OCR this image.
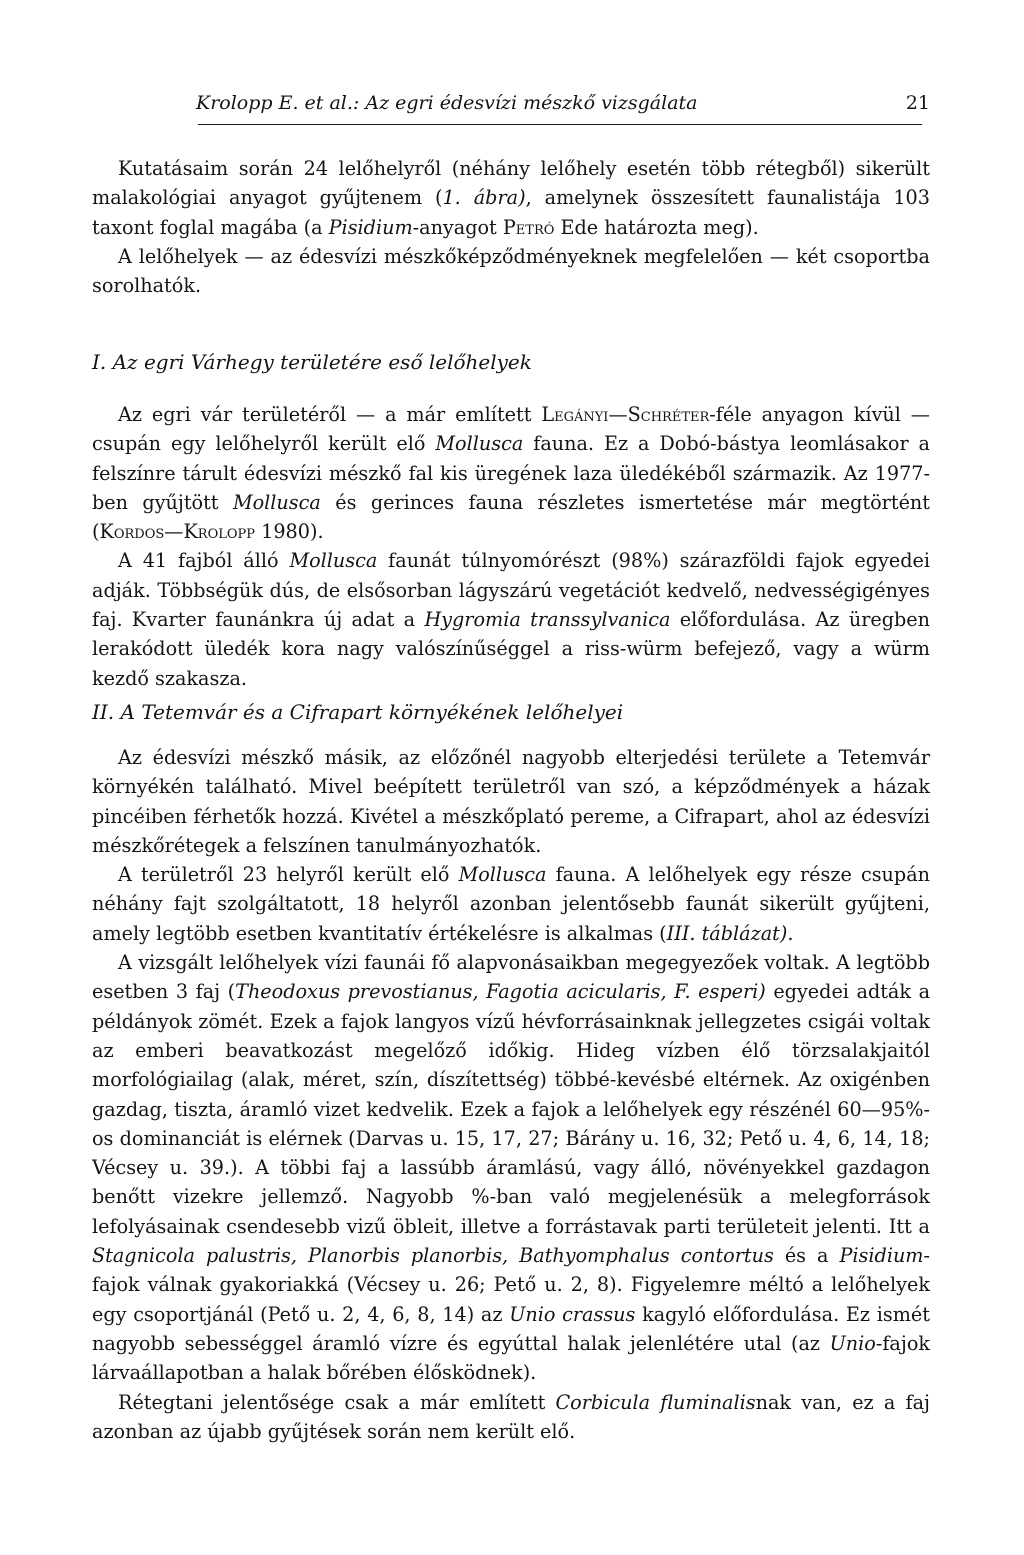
Krolopp E. et al.: Az egri édesvízi mészkő vizsgálata	21

Kutatásaim során 24 lelőhelyről (néhány lelőhely esetén több rétegből) sikerült malakológiai anyagot gyűjtenem (1. ábra), amelynek összesített faunalistája 103 taxont foglal magába (a Pisidium-anyagot Petró Ede határozta meg).

A lelőhelyek — az édesvízi mészkőképződményeknek megfelelően — két csoportba sorolhatók.

I. Az egri Várhegy területére eső lelőhelyek

Az egri vár területéről — a már említett Legányi—Schréter-féle anyagon kívül — csupán egy lelőhelyről került elő Mollusca fauna. Ez a Dobó-bástya leomlásakor a felszínre tárult édesvízi mészkő fal kis üregének laza üledékéből származik. Az 1977-ben gyűjtött Mollusca és gerinces fauna részletes ismertetése már megtörtént (Kordos—Krolopp 1980).

A 41 fajból álló Mollusca faunát túlnyomórészt (98%) szárazföldi fajok egyedei adják. Többségük dús, de elsősorban lágyszárú vegetációt kedvelő, nedvességigényes faj. Kvarter faunánkra új adat a Hygromia transsylvanica előfordulása. Az üregben lerakódott üledék kora nagy valószínűséggel a riss-würm befejező, vagy a würm kezdő szakasza.

II. A Tetemvár és a Cifrapart környékének lelőhelyei

Az édesvízi mészkő másik, az előzőnél nagyobb elterjedési területe a Tetemvár környékén található. Mivel beépített területről van szó, a képződmények a házak pincéiben férhetők hozzá. Kivétel a mészkőplató pereme, a Cifrapart, ahol az édesvízi mészkőrétegek a felszínen tanulmányozhatók.

A területről 23 helyről került elő Mollusca fauna. A lelőhelyek egy része csupán néhány fajt szolgáltatott, 18 helyről azonban jelentősebb faunát sikerült gyűjteni, amely legtöbb esetben kvantitatív értékelésre is alkalmas (III. táblázat).

A vizsgált lelőhelyek vízi faunái fő alapvonásaikban megegyezőek voltak. A legtöbb esetben 3 faj (Theodoxus prevostianus, Fagotia acicularis, F. esperi) egyedei adták a példányok zömét. Ezek a fajok langyos vízű hévforrásainknak jellegzetes csigái voltak az emberi beavatkozást megelőző időkig. Hideg vízben élő törzsalakjaitól morfológiailag (alak, méret, szín, díszítettség) többé-kevésbé eltérnek. Az oxigénben gazdag, tiszta, áramló vizet kedvelik. Ezek a fajok a lelőhelyek egy részénél 60—95%-os dominanciát is elérnek (Darvas u. 15, 17, 27; Bárány u. 16, 32; Pető u. 4, 6, 14, 18; Vécsey u. 39.). A többi faj a lassúbb áramlású, vagy álló, növényekkel gazdagon benőtt vizekre jellemző. Nagyobb %-ban való megjelenésük a melegforrások lefolyásainak csendesebb vizű öbleit, illetve a forrástavak parti területeit jelenti. Itt a Stagnicola palustris, Planorbis planorbis, Bathyomphalus contortus és a Pisidium-fajok válnak gyakoriakká (Vécsey u. 26; Pető u. 2, 8). Figyelemre méltó a lelőhelyek egy csoportjánál (Pető u. 2, 4, 6, 8, 14) az Unio crassus kagyló előfordulása. Ez ismét nagyobb sebességgel áramló vízre és egyúttal halak jelenlétére utal (az Unio-fajok lárvaállapotban a halak bőrében élősködnek).

Rétegtani jelentősége csak a már említett Corbicula fluminalisnak van, ez a faj azonban az újabb gyűjtések során nem került elő.
